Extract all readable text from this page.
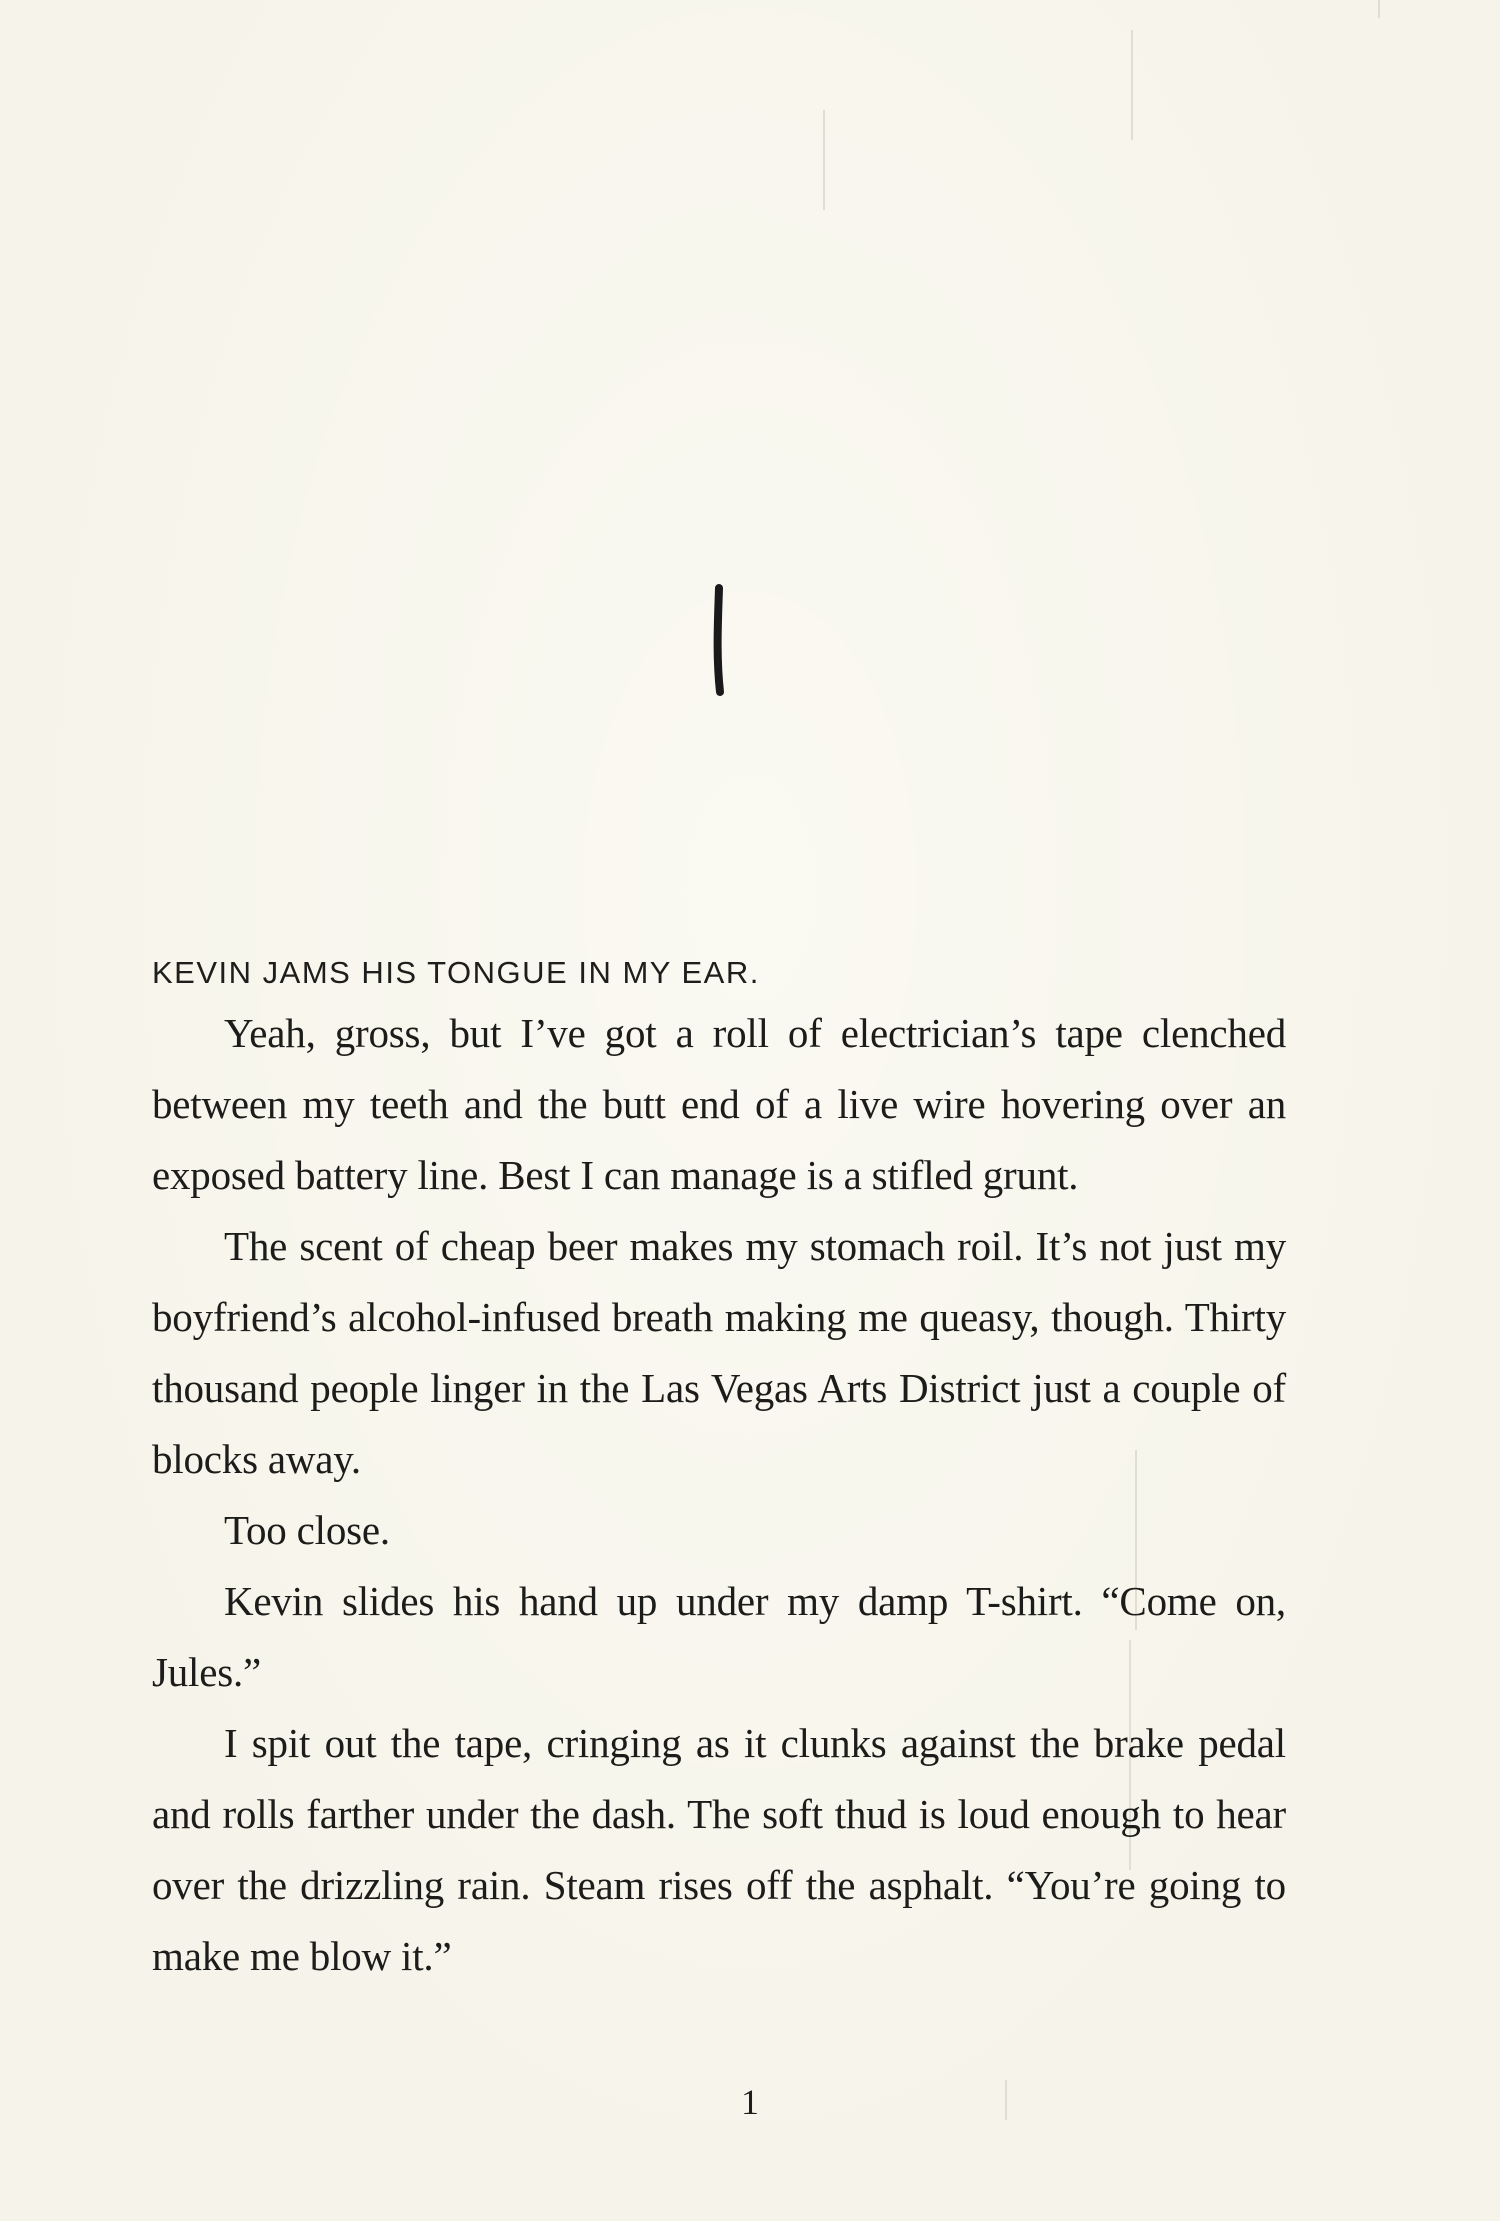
KEVIN JAMS HIS TONGUE IN MY EAR.

Yeah, gross, but I’ve got a roll of electrician’s tape clenched between my teeth and the butt end of a live wire hovering over an exposed battery line. Best I can manage is a stifled grunt.

The scent of cheap beer makes my stomach roil. It’s not just my boyfriend’s alcohol-infused breath making me queasy, though. Thirty thousand people linger in the Las Vegas Arts District just a couple of blocks away.

Too close.

Kevin slides his hand up under my damp T-shirt. “Come on, Jules.”

I spit out the tape, cringing as it clunks against the brake pedal and rolls farther under the dash. The soft thud is loud enough to hear over the drizzling rain. Steam rises off the asphalt. “You’re going to make me blow it.”

1
